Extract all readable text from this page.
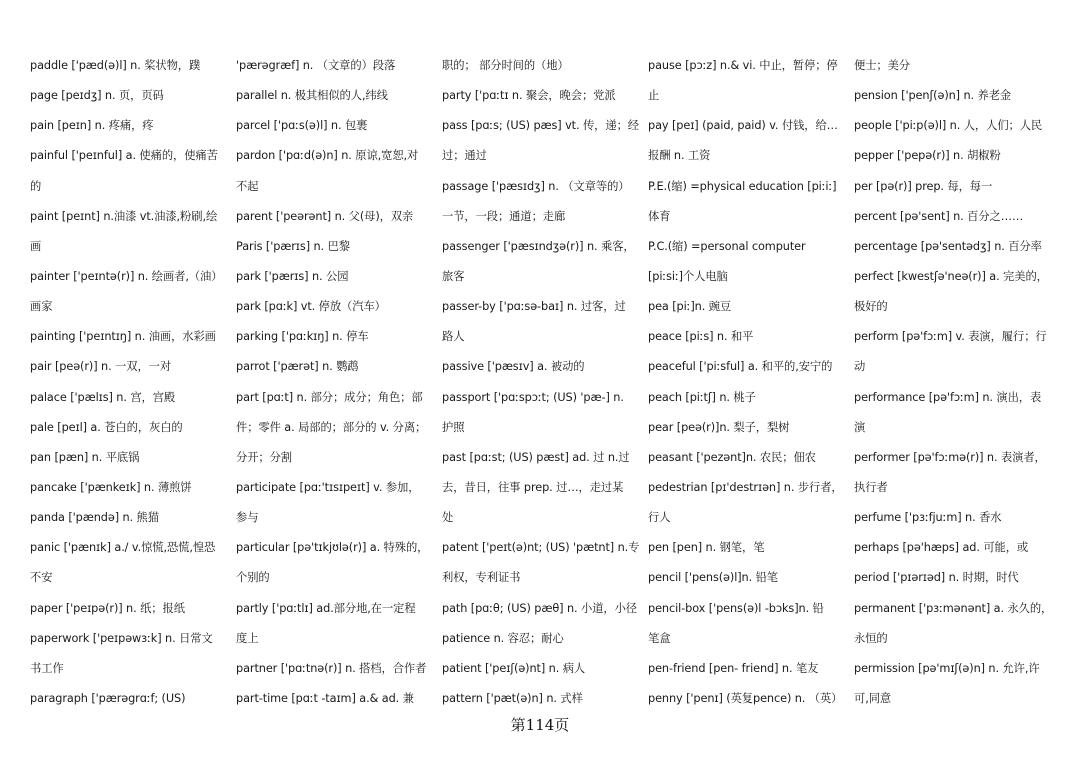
paddle ['pæd(ə)l] n. 桨状物，蹼
page [peɪdʒ] n. 页，页码
pain [peɪn] n. 疼痛，疼
painful ['peɪnful] a. 使痛的，使痛苦
的
paint [peɪnt] n.油漆 vt.油漆,粉刷,绘
画
painter ['peɪntə(r)] n. 绘画者,（油）
画家
painting ['peɪntɪŋ] n. 油画，水彩画
pair [peə(r)] n. 一双，一对
palace ['pælɪs] n. 宫，宫殿
pale [peɪl] a. 苍白的，灰白的
pan [pæn] n. 平底锅
pancake ['pænkeɪk] n. 薄煎饼
panda ['pændə] n. 熊猫
panic ['pænɪk] a./ v.惊慌,恐慌,惶恐
不安
paper ['peɪpə(r)] n. 纸；报纸
paperwork ['peɪpəwɜːk] n. 日常文
书工作
paragraph ['pærəgrɑːf; (US)
'pærəgræf] n. （文章的）段落
parallel n. 极其相似的人,纬线
parcel ['pɑːs(ə)l] n. 包裹
pardon ['pɑːd(ə)n] n. 原谅,宽恕,对
不起
parent ['peərənt] n. 父(母)，双亲
Paris ['pærɪs] n. 巴黎
park ['pærɪs] n. 公园
park [pɑːk] vt. 停放（汽车）
parking ['pɑːkɪŋ] n. 停车
parrot ['pærət] n. 鹦鹉
part [pɑːt] n. 部分；成分；角色；部
件；零件 a. 局部的；部分的 v. 分离；
分开；分割
participate [pɑː'tɪsɪpeɪt] v. 参加，
参与
particular [pə'tɪkjʊlə(r)] a. 特殊的，
个别的
partly ['pɑːtlɪ] ad.部分地,在一定程
度上
partner ['pɑːtnə(r)] n. 搭档，合作者
part-time [pɑːt -taɪm] a.& ad. 兼
职的； 部分时间的（地）
party ['pɑːtɪ n. 聚会，晚会；党派
pass [pɑːs; (US) pæs] vt. 传，递；经
过；通过
passage ['pæsɪdʒ] n. （文章等的）
一节，一段；通道；走廊
passenger ['pæsɪndʒə(r)] n. 乘客，
旅客
passer-by ['pɑːsə-baɪ] n. 过客，过
路人
passive ['pæsɪv] a. 被动的
passport ['pɑːspɔːt; (US) 'pæ-] n.
护照
past [pɑːst; (US) pæst] ad. 过 n.过
去，昔日，往事 prep. 过…，走过某
处
patent ['peɪt(ə)nt; (US) 'pætnt] n.专
利权，专利证书
path [pɑːθ; (US) pæθ] n. 小道，小径
patience n. 容忍；耐心
patient ['peɪʃ(ə)nt] n. 病人
pattern ['pæt(ə)n] n. 式样
pause [pɔːz] n.& vi. 中止，暂停；停
止
pay [peɪ] (paid, paid) v. 付钱，给…
报酬 n. 工资
P.E.(缩) =physical education [piːiː]
体育
P.C.(缩) =personal computer
[piːsiː]个人电脑
pea [piː]n. 豌豆
peace [piːs] n. 和平
peaceful ['piːsful] a. 和平的,安宁的
peach [piːtʃ] n. 桃子
pear [peə(r)]n. 梨子，梨树
peasant ['pezənt]n. 农民；佃农
pedestrian [pɪ'destrɪən] n. 步行者，
行人
pen [pen] n. 钢笔，笔
pencil ['pens(ə)l]n. 铅笔
pencil-box ['pens(ə)l -bɔks]n. 铅
笔盒
pen-friend [pen- friend] n. 笔友
penny ['penɪ] (英复pence) n. （英）
便士；美分
pension ['penʃ(ə)n] n. 养老金
people ['piːp(ə)l] n. 人，人们；人民
pepper ['pepə(r)] n. 胡椒粉
per [pə(r)] prep. 每，每一
percent [pə'sent] n. 百分之……
percentage [pə'sentədʒ] n. 百分率
perfect [kwestʃə'neə(r)] a. 完美的，
极好的
perform [pə'fɔːm] v. 表演，履行；行
动
performance [pə'fɔːm] n. 演出，表
演
performer [pə'fɔːmə(r)] n. 表演者，
执行者
perfume ['pɜːfjuːm] n. 香水
perhaps [pə'hæps] ad. 可能，或
period ['pɪərɪəd] n. 时期，时代
permanent ['pɜːmənənt] a. 永久的，
永恒的
permission [pə'mɪʃ(ə)n] n. 允许,许
可,同意
第114页
